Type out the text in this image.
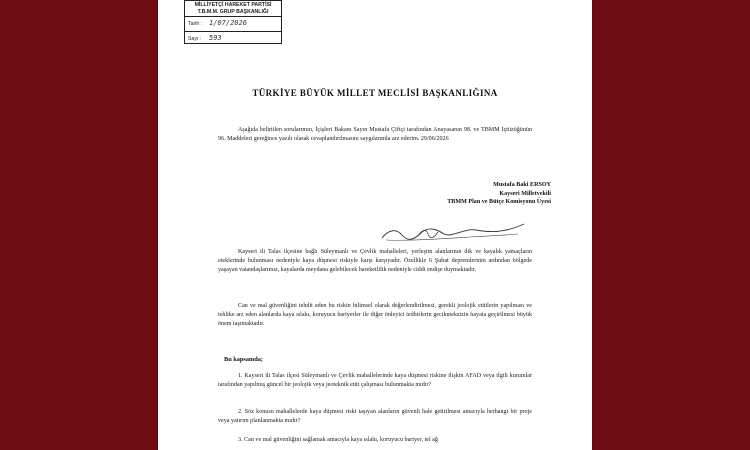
MİLLİYETÇİ HAREKET PARTİSİ
T.B.M.M. GRUP BAŞKANLIĞI
Tarih : 1/07/2026
Sayı : 593
TÜRKİYE BÜYÜK MİLLET MECLİSİ BAŞKANLIĞINA
Aşağıda belirtilen sorularımın, İçişleri Bakanı Sayın Mustafa Çiftçi tarafından Anayasanın 98. ve TBMM İçtüzüğünün 96. Maddeleri gereğince yazılı olarak cevaplandırılmasını saygılarımla arz ederim. 29/06/2026
Mustafa Baki ERSOY
Kayseri Milletvekili
TBMM Plan ve Bütçe Komisyonu Üyesi
Kayseri ili Talas ilçesine bağlı Süleymanlı ve Çevlik mahalleleri, yerleşim alanlarının dik ve kayalık yamaçların eteklerinde bulunması nedeniyle kaya düşmesi riskiyle karşı karşıyadır. Özellikle 6 Şubat depremlerinin ardından bölgede yaşayan vatandaşlarımız, kayalarda meydana gelebilecek hareketlilik nedeniyle ciddi endişe duymaktadır.
Can ve mal güvenliğini tehdit eden bu riskin bilimsel olarak değerlendirilmesi, gerekli jeolojik etütlerin yapılması ve tehlike arz eden alanlarda kaya ıslahı, koruyucu bariyerler ile diğer önleyici tedbirlerin gecikmeksizin hayata geçirilmesi büyük önem taşımaktadır.
Bu kapsamda;
1. Kayseri ili Talas ilçesi Süleymanlı ve Çevlik mahallelerinde kaya düşmesi riskine ilişkin AFAD veya ilgili kurumlar tarafından yapılmış güncel bir jeolojik veya jeoteknik etüt çalışması bulunmakta mıdır?
2. Söz konusu mahallelerde kaya düşmesi riski taşıyan alanların güvenli hale getirilmesi amacıyla herhangi bir proje veya yatırım planlanmakta mıdır?
3. Can ve mal güvenliğini sağlamak amacıyla kaya ıslahı, koruyucu bariyer, tel ağ
